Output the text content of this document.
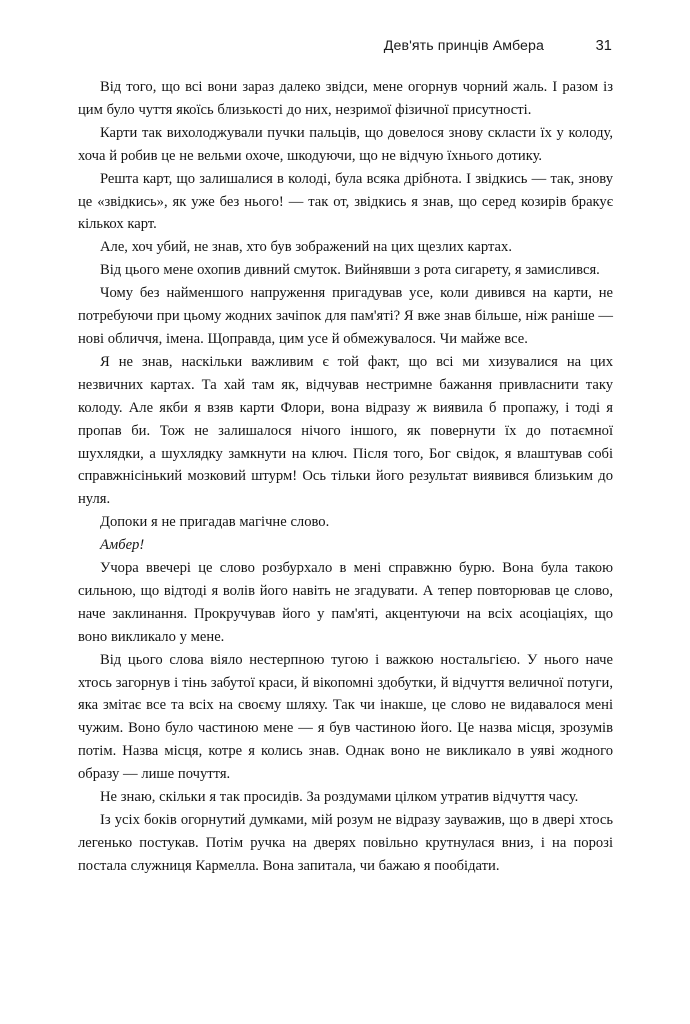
Дев'ять принців Амбера	31

Від того, що всі вони зараз далеко звідси, мене огорнув чорний жаль. І разом із цим було чуття якоїсь близькості до них, незримої фізичної присутності.

Карти так вихолоджували пучки пальців, що довелося знову скласти їх у колоду, хоча й робив це не вельми охоче, шкодуючи, що не відчую їхнього дотику.

Решта карт, що залишалися в колоді, була всяка дрібнота. І звідкись — так, знову це «звідкись», як уже без нього! — так от, звідкись я знав, що серед козирів бракує кількох карт.

Але, хоч убий, не знав, хто був зображений на цих щезлих картах.

Від цього мене охопив дивний смуток. Вийнявши з рота сигарету, я замислився.

Чому без найменшого напруження пригадував усе, коли дивився на карти, не потребуючи при цьому жодних зачіпок для пам'яті? Я вже знав більше, ніж раніше — нові обличчя, імена. Щоправда, цим усе й обмежувалося. Чи майже все.

Я не знав, наскільки важливим є той факт, що всі ми хизувалися на цих незвичних картах. Та хай там як, відчував нестримне бажання привласнити таку колоду. Але якби я взяв карти Флори, вона відразу ж виявила б пропажу, і тоді я пропав би. Тож не залишалося нічого іншого, як повернути їх до потаємної шухлядки, а шухлядку замкнути на ключ. Після того, Бог свідок, я влаштував собі справжнісінький мозковий штурм! Ось тільки його результат виявився близьким до нуля.

Допоки я не пригадав магічне слово.

Амбер!

Учора ввечері це слово розбурхало в мені справжню бурю. Вона була такою сильною, що відтоді я волів його навіть не згадувати. А тепер повторював це слово, наче заклинання. Прокручував його у пам'яті, акцентуючи на всіх асоціаціях, що воно викликало у мене.

Від цього слова віяло нестерпною тугою і важкою ностальгією. У нього наче хтось загорнув і тінь забутої краси, й вікопомні здобутки, й відчуття величної потуги, яка змітає все та всіх на своєму шляху. Так чи інакше, це слово не видавалося мені чужим. Воно було частиною мене — я був частиною його. Це назва місця, зрозумів потім. Назва місця, котре я колись знав. Однак воно не викликало в уяві жодного образу — лише почуття.

Не знаю, скільки я так просидів. За роздумами цілком утратив відчуття часу.

Із усіх боків огорнутий думками, мій розум не відразу зауважив, що в двері хтось легенько постукав. Потім ручка на дверях повільно крутнулася вниз, і на порозі постала служниця Кармелла. Вона запитала, чи бажаю я пообідати.
